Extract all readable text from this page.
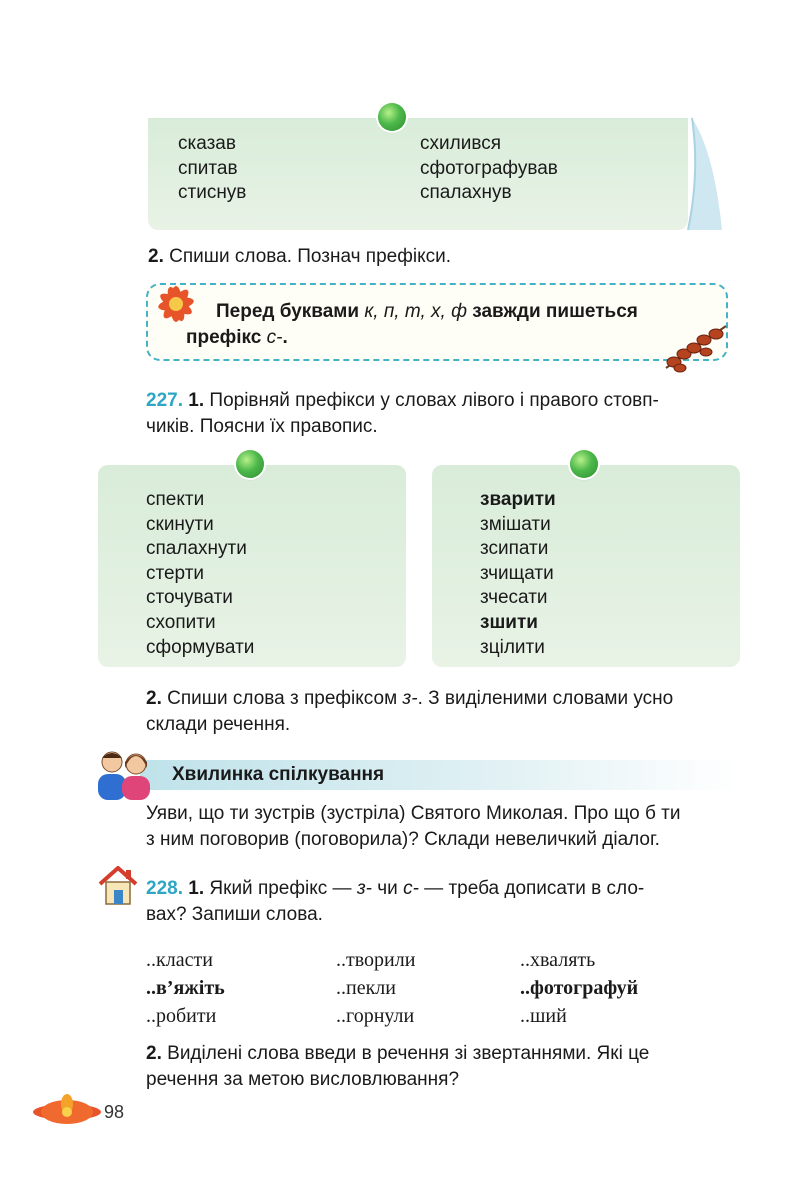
сказав
спитав
стиснув
схилився
сфотографував
спалахнув
2. Спиши слова. Познач префікси.
Перед буквами к, п, т, х, ф завжди пишеться
префікс с-.
227. 1. Порівняй префікси у словах лівого і правого стовп-
чиків. Поясни їх правопис.
спекти
скинути
спалахнути
стерти
сточувати
схопити
сформувати
зварити
змішати
зсипати
зчищати
зчесати
зшити
зцілити
2. Спиши слова з префіксом з-. З виділеними словами усно
склади речення.
Хвилинка спілкування
Уяви, що ти зустрів (зустріла) Святого Миколая. Про що б ти
з ним поговорив (поговорила)? Склади невеличкий діалог.
228. 1. Який префікс — з- чи с- — треба дописати в сло-
вах? Запиши слова.
..класти
..в’яжіть
..робити
..творили
..пекли
..горнули
..хвалять
..фотографуй
..ший
2. Виділені слова введи в речення зі звертаннями. Які це
речення за метою висловлювання?
98
